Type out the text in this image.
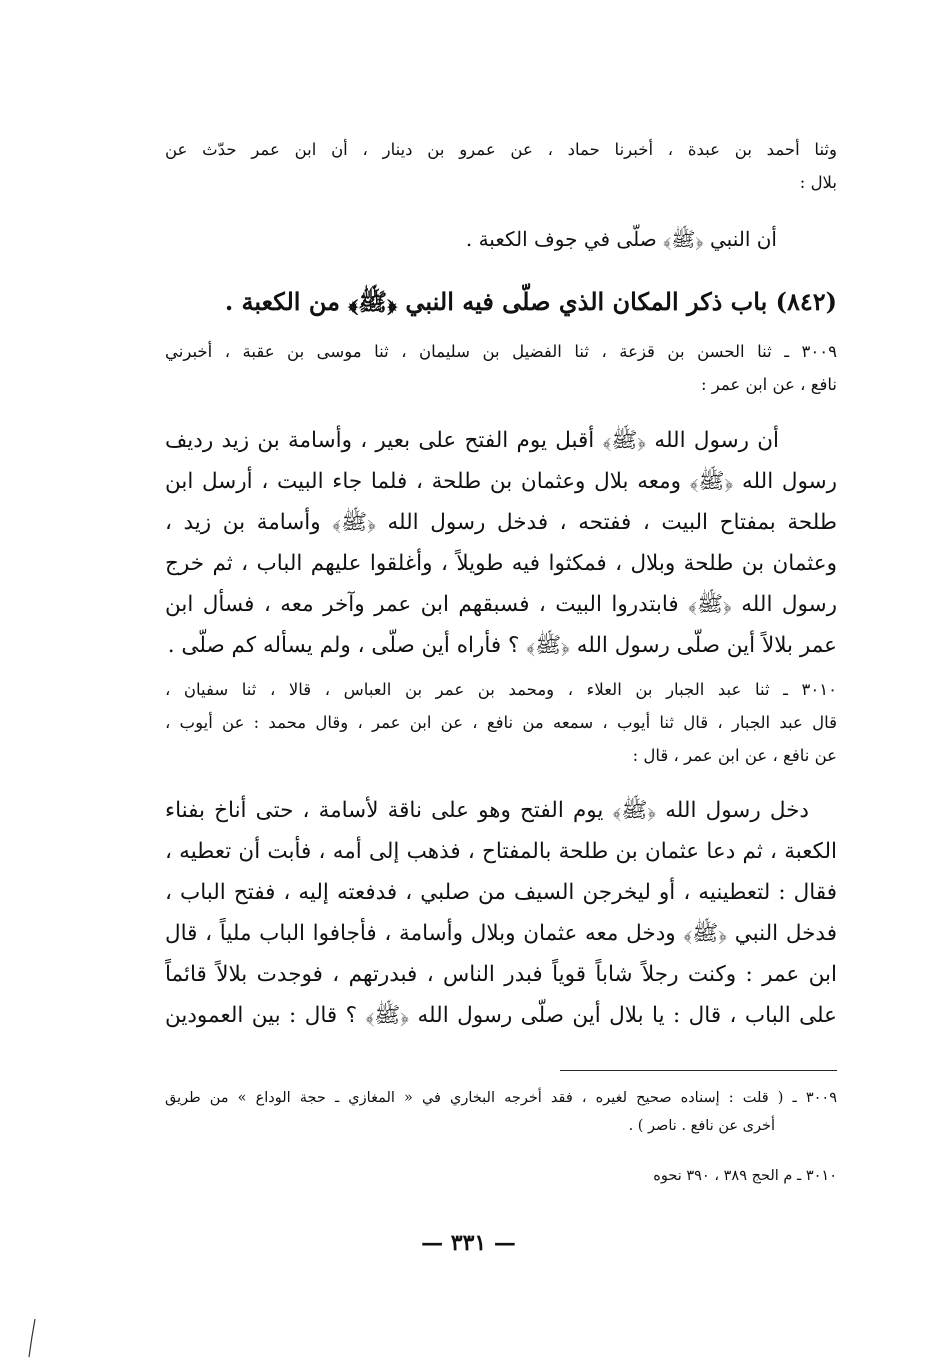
وثنا أحمد بن عبدة ، أخبرنا حماد ، عن عمرو بن دينار ، أن ابن عمر حدّث عن
بلال :
أن النبي ﴿ﷺ﴾ صلّى في جوف الكعبة .
(٨٤٢) باب ذكر المكان الذي صلّى فيه النبي ﴿ﷺ﴾ من الكعبة .
٣٠٠٩ ـ ثنا الحسن بن قزعة ، ثنا الفضيل بن سليمان ، ثنا موسى بن عقبة ، أخبرني
نافع ، عن ابن عمر :
أن رسول الله ﴿ﷺ﴾ أقبل يوم الفتح على بعير ، وأسامة بن زيد رديف
رسول الله ﴿ﷺ﴾ ومعه بلال وعثمان بن طلحة ، فلما جاء البيت ، أرسل ابن
طلحة بمفتاح البيت ، ففتحه ، فدخل رسول الله ﴿ﷺ﴾ وأسامة بن زيد ،
وعثمان بن طلحة وبلال ، فمكثوا فيه طويلاً ، وأغلقوا عليهم الباب ، ثم خرج
رسول الله ﴿ﷺ﴾ فابتدروا البيت ، فسبقهم ابن عمر وآخر معه ، فسأل ابن
عمر بلالاً أين صلّى رسول الله ﴿ﷺ﴾ ؟ فأراه أين صلّى ، ولم يسأله كم صلّى .
٣٠١٠ ـ ثنا عبد الجبار بن العلاء ، ومحمد بن عمر بن العباس ، قالا ، ثنا سفيان ،
قال عبد الجبار ، قال ثنا أيوب ، سمعه من نافع ، عن ابن عمر ، وقال محمد : عن أيوب ،
عن نافع ، عن ابن عمر ، قال :
دخل رسول الله ﴿ﷺ﴾ يوم الفتح وهو على ناقة لأسامة ، حتى أناخ بفناء
الكعبة ، ثم دعا عثمان بن طلحة بالمفتاح ، فذهب إلى أمه ، فأبت أن تعطيه ،
فقال : لتعطينيه ، أو ليخرجن السيف من صلبي ، فدفعته إليه ، ففتح الباب ،
فدخل النبي ﴿ﷺ﴾ ودخل معه عثمان وبلال وأسامة ، فأجافوا الباب ملياً ، قال
ابن عمر : وكنت رجلاً شاباً قوياً فبدر الناس ، فبدرتهم ، فوجدت بلالاً قائماً
على الباب ، قال : يا بلال أين صلّى رسول الله ﴿ﷺ﴾ ؟ قال : بين العمودين
٣٠٠٩ ـ ( قلت : إسناده صحيح لغيره ، فقد أخرجه البخاري في « المغازي ـ حجة الوداع » من طريق
أخرى عن نافع . ناصر ) .
٣٠١٠ ـ م الحج ٣٨٩ ، ٣٩٠ نحوه
— ٣٣١ —
